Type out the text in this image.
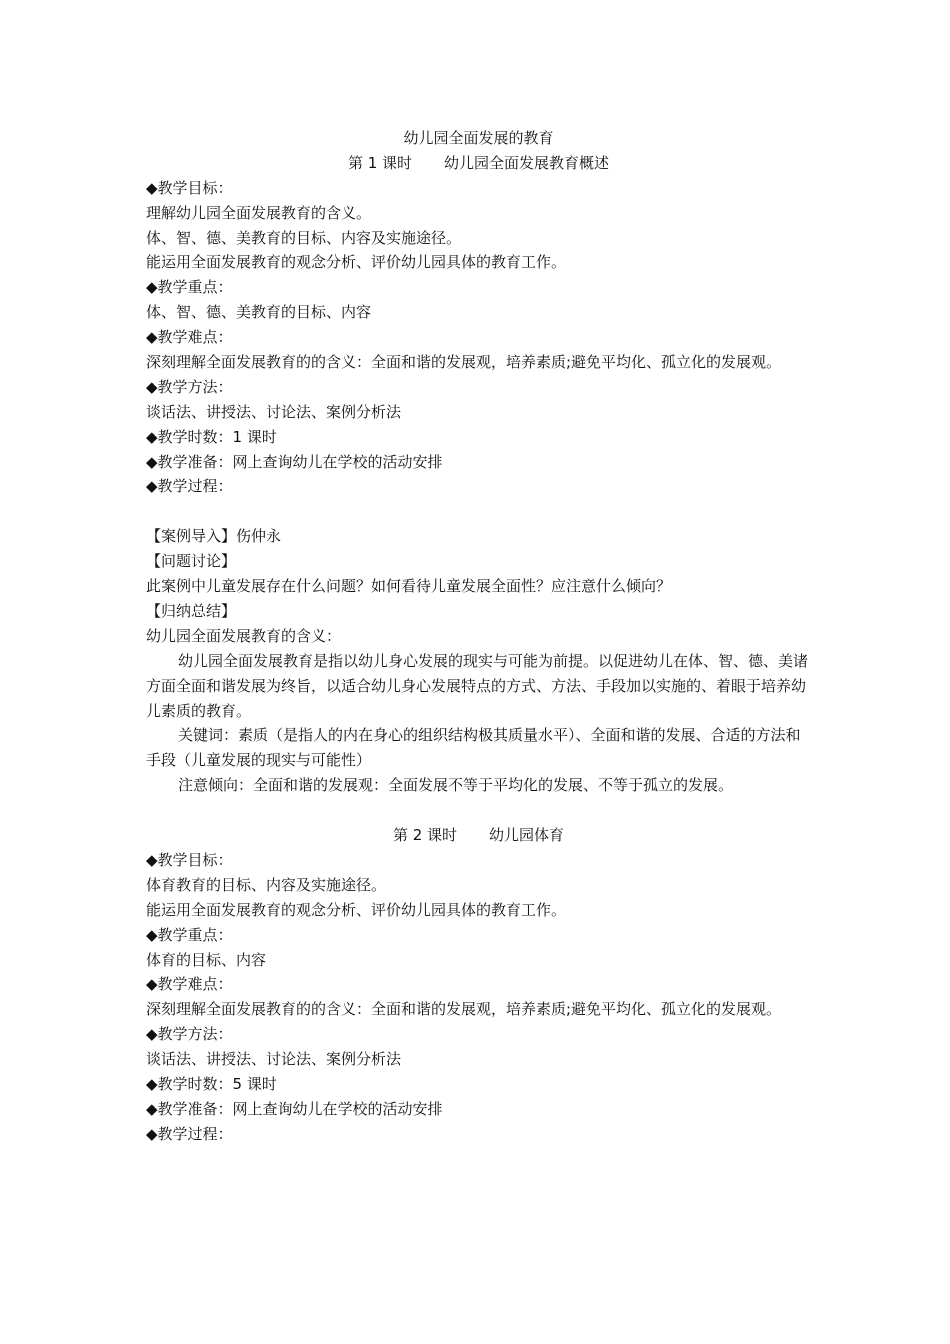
幼儿园全面发展的教育
第 1 课时 幼儿园全面发展教育概述
◆教学目标：
理解幼儿园全面发展教育的含义。
体、智、德、美教育的目标、内容及实施途径。
能运用全面发展教育的观念分析、评价幼儿园具体的教育工作。
◆教学重点：
体、智、德、美教育的目标、内容
◆教学难点：
深刻理解全面发展教育的的含义：全面和谐的发展观，培养素质;避免平均化、孤立化的发展观。
◆教学方法：
谈话法、讲授法、讨论法、案例分析法
◆教学时数：1 课时
◆教学准备：网上查询幼儿在学校的活动安排
◆教学过程：
【案例导入】伤仲永
【问题讨论】
此案例中儿童发展存在什么问题？如何看待儿童发展全面性？应注意什么倾向？
【归纳总结】
幼儿园全面发展教育的含义：
幼儿园全面发展教育是指以幼儿身心发展的现实与可能为前提。以促进幼儿在体、智、德、美诸方面全面和谐发展为终旨，以适合幼儿身心发展特点的方式、方法、手段加以实施的、着眼于培养幼儿素质的教育。
关键词：素质（是指人的内在身心的组织结构极其质量水平）、全面和谐的发展、合适的方法和手段（儿童发展的现实与可能性）
注意倾向：全面和谐的发展观：全面发展不等于平均化的发展、不等于孤立的发展。
第 2 课时 幼儿园体育
◆教学目标：
体育教育的目标、内容及实施途径。
能运用全面发展教育的观念分析、评价幼儿园具体的教育工作。
◆教学重点：
体育的目标、内容
◆教学难点：
深刻理解全面发展教育的的含义：全面和谐的发展观，培养素质;避免平均化、孤立化的发展观。
◆教学方法：
谈话法、讲授法、讨论法、案例分析法
◆教学时数：5 课时
◆教学准备：网上查询幼儿在学校的活动安排
◆教学过程：
